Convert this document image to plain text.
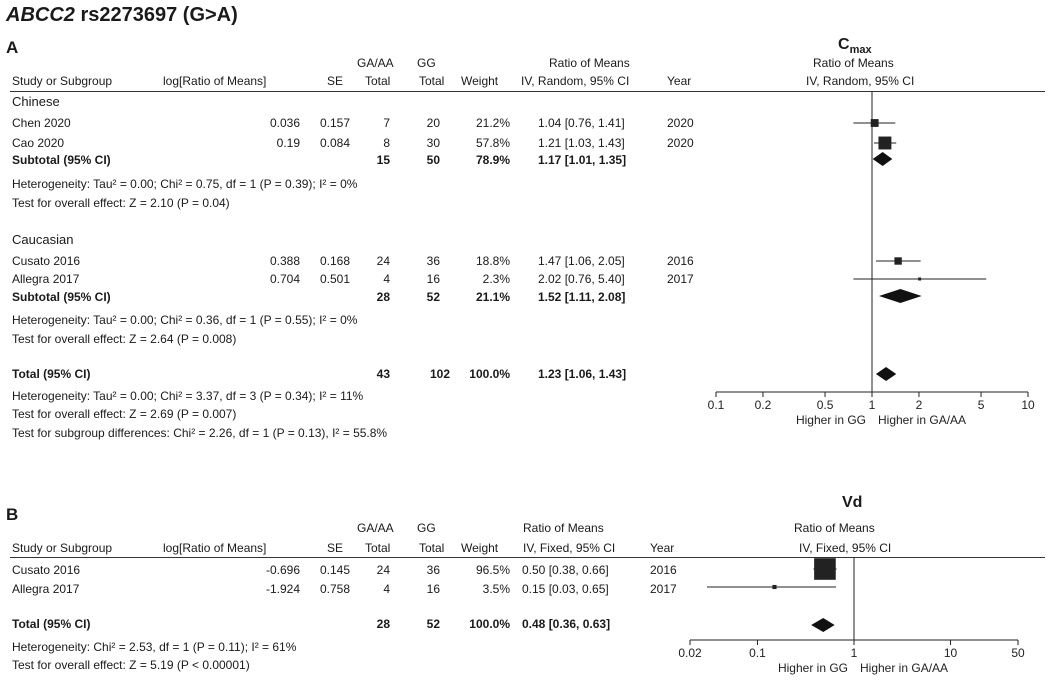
ABCC2 rs2273697 (G>A)
A	$C_{max}$
GA/AA GG	Ratio of Means	Ratio of Means
Study or Subgroup	log[Ratio of Means]	SE Total Total Weight IV, Random, 95% CI	Year	IV, Random, 95% CI
Chinese
Chen 2020	0.036	0.157	7	20	21.2% 1.04 [0.76, 1.41]	2020
Cao 2020	0.19	0.084	8	30	57.8% 1.21 [1.03, 1.43]	2020
Subtotal (95% CI)	15	50	78.9% 1.17 [1.01, 1.35]
Heterogeneity: Tau² = 0.00; Chi² = 0.75, df = 1 (P = 0.39); I² = 0%
Test for overall effect: Z = 2.10 (P = 0.04)
Caucasian
Cusato 2016	0.388	0.168	24	36	18.8% 1.47 [1.06, 2.05]	2016
Allegra 2017	0.704	0.501	4	16	2.3% 2.02 [0.76, 5.40]	2017
Subtotal (95% CI)	28	52	21.1% 1.52 [1.11, 2.08]
Heterogeneity: Tau² = 0.00; Chi² = 0.36, df = 1 (P = 0.55); I² = 0%
Test for overall effect: Z = 2.64 (P = 0.008)
Total (95% CI)	43	102	100.0% 1.23 [1.06, 1.43]
Heterogeneity: Tau² = 0.00; Chi² = 3.37, df = 3 (P = 0.34); I² = 11%
Test for overall effect: Z = 2.69 (P = 0.007)
Test for subgroup differences: Chi² = 2.26, df = 1 (P = 0.13), I² = 55.8%
0.1	0.2	0.5	1	2	5	10
Higher in GG Higher in GA/AA
B
Vd
GA/AA GG	Ratio of Means	Ratio of Means
Study or Subgroup	log[Ratio of Means]	SE Total Total Weight IV, Fixed, 95% CI	Year	IV, Fixed, 95% CI
Cusato 2016	-0.696	0.145	24	36	96.5% 0.50 [0.38, 0.66]	2016
Allegra 2017	-1.924	0.758	4	16	3.5% 0.15 [0.03, 0.65]	2017
Total (95% CI)	28	52	100.0% 0.48 [0.36, 0.63]
Heterogeneity: Chi² = 2.53, df = 1 (P = 0.11); I² = 61%
Test for overall effect: Z = 5.19 (P < 0.00001)
0.02	0.1	1	10	50
Higher in GG Higher in GA/AA
